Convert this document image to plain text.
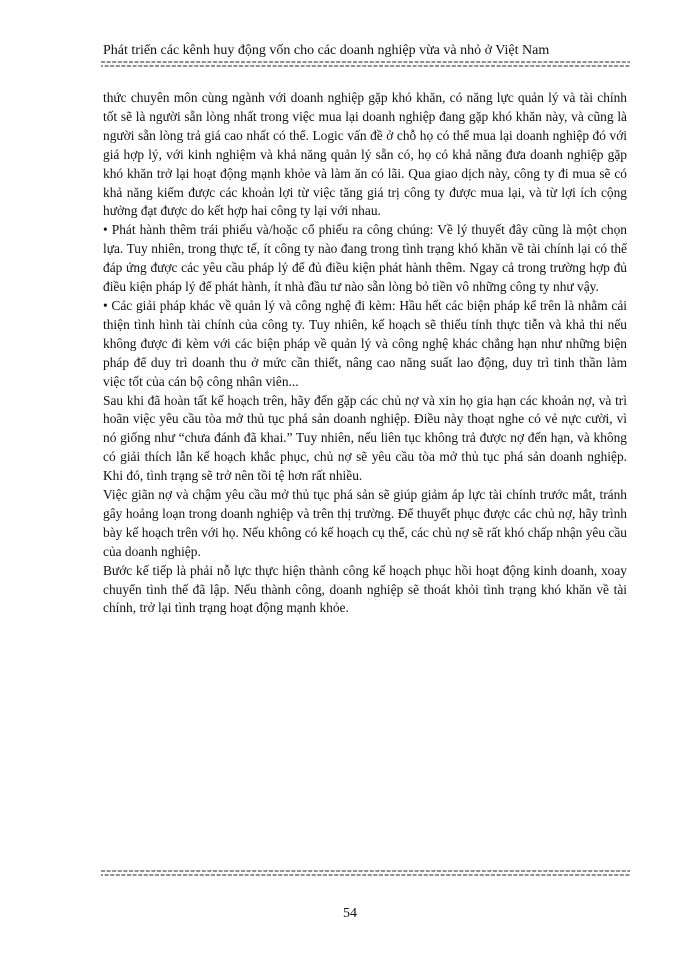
Phát triển các kênh huy động vốn cho các doanh nghiệp vừa và nhỏ ở Việt Nam

thức chuyên môn cùng ngành với doanh nghiệp gặp khó khăn, có năng lực quản lý và tài chính tốt sẽ là người sẵn lòng nhất trong việc mua lại doanh nghiệp đang gặp khó khăn này, và cũng là người sẵn lòng trả giá cao nhất có thể. Logic vấn đề ở chỗ họ có thể mua lại doanh nghiệp đó với giá hợp lý, với kinh nghiệm và khả năng quản lý sẵn có, họ có khả năng đưa doanh nghiệp gặp khó khăn trở lại hoạt động mạnh khỏe và làm ăn có lãi. Qua giao dịch này, công ty đi mua sẽ có khả năng kiếm được các khoản lợi từ việc tăng giá trị công ty được mua lại, và từ lợi ích cộng hưởng đạt được do kết hợp hai công ty lại với nhau.

• Phát hành thêm trái phiếu và/hoặc cổ phiếu ra công chúng: Về lý thuyết đây cũng là một chọn lựa. Tuy nhiên, trong thực tế, ít công ty nào đang trong tình trạng khó khăn về tài chính lại có thể đáp ứng được các yêu cầu pháp lý để đủ điều kiện phát hành thêm. Ngay cả trong trường hợp đủ điều kiện pháp lý để phát hành, ít nhà đầu tư nào sẵn lòng bỏ tiền vô những công ty như vậy.

• Các giải pháp khác về quản lý và công nghệ đi kèm: Hầu hết các biện pháp kể trên là nhằm cải thiện tình hình tài chính của công ty. Tuy nhiên, kế hoạch sẽ thiếu tính thực tiễn và khả thi nếu không được đi kèm với các biện pháp về quản lý và công nghệ khác chẳng hạn như những biện pháp để duy trì doanh thu ở mức cần thiết, nâng cao năng suất lao động, duy trì tinh thần làm việc tốt của cán bộ công nhân viên...

Sau khi đã hoàn tất kế hoạch trên, hãy đến gặp các chủ nợ và xin họ gia hạn các khoản nợ, và trì hoãn việc yêu cầu tòa mở thủ tục phá sản doanh nghiệp. Điều này thoạt nghe có vẻ nực cười, vì nó giống như “chưa đánh đã khai.” Tuy nhiên, nếu liên tục không trả được nợ đến hạn, và không có giải thích lẫn kế hoạch khắc phục, chủ nợ sẽ yêu cầu tòa mở thủ tục phá sản doanh nghiệp. Khi đó, tình trạng sẽ trở nên tồi tệ hơn rất nhiều.

Việc giãn nợ và chậm yêu cầu mở thủ tục phá sản sẽ giúp giảm áp lực tài chính trước mắt, tránh gây hoảng loạn trong doanh nghiệp và trên thị trường. Để thuyết phục được các chủ nợ, hãy trình bày kế hoạch trên với họ. Nếu không có kế hoạch cụ thể, các chủ nợ sẽ rất khó chấp nhận yêu cầu của doanh nghiệp.

Bước kế tiếp là phải nỗ lực thực hiện thành công kế hoạch phục hồi hoạt động kinh doanh, xoay chuyển tình thế đã lập. Nếu thành công, doanh nghiệp sẽ thoát khỏi tình trạng khó khăn về tài chính, trở lại tình trạng hoạt động mạnh khỏe.

54
